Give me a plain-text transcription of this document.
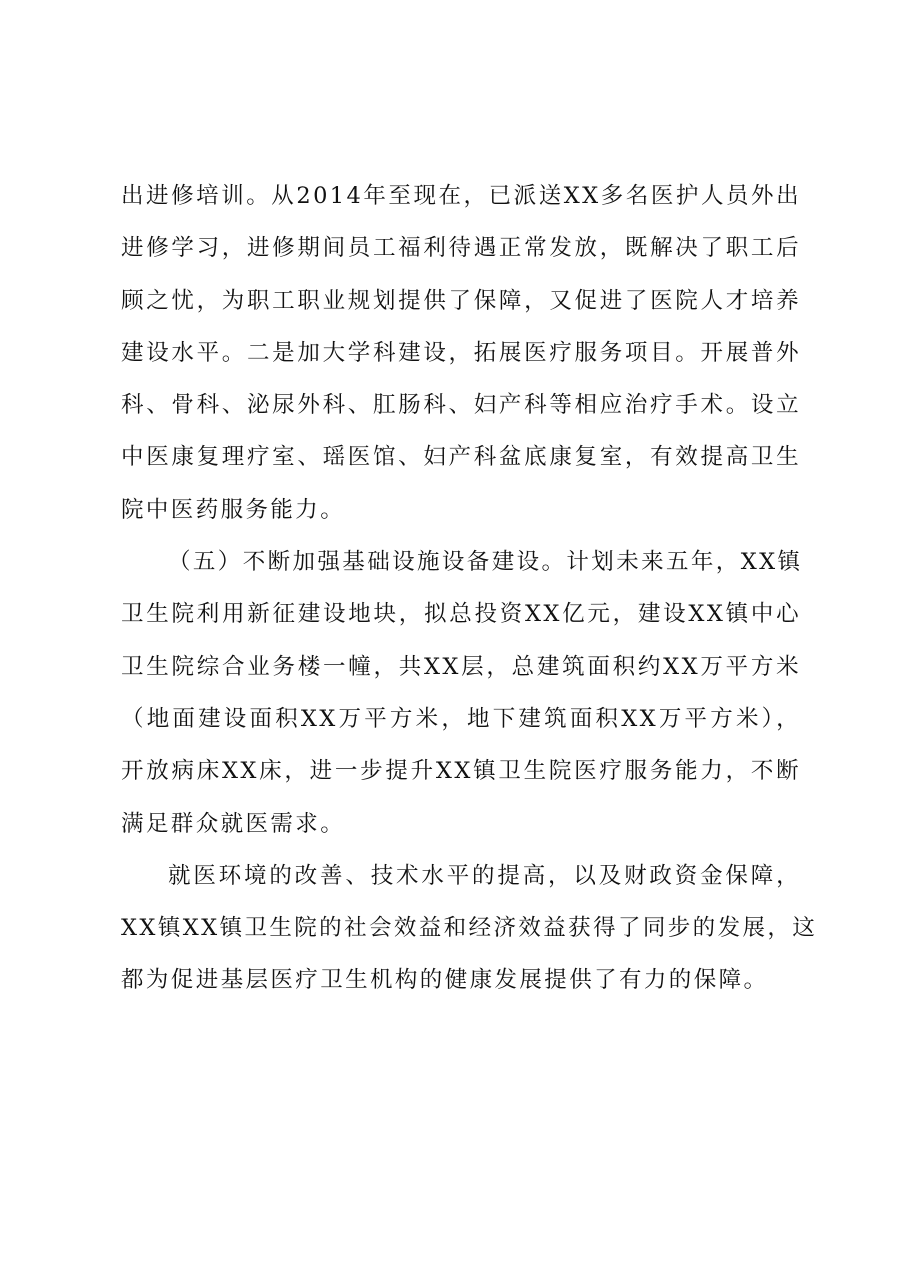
出进修培训。从2014年至现在，已派送XX多名医护人员外出
进修学习，进修期间员工福利待遇正常发放，既解决了职工后
顾之忧，为职工职业规划提供了保障，又促进了医院人才培养
建设水平。二是加大学科建设，拓展医疗服务项目。开展普外
科、骨科、泌尿外科、肛肠科、妇产科等相应治疗手术。设立
中医康复理疗室、瑶医馆、妇产科盆底康复室，有效提高卫生
院中医药服务能力。
（五）不断加强基础设施设备建设。计划未来五年，XX镇
卫生院利用新征建设地块，拟总投资XX亿元，建设XX镇中心
卫生院综合业务楼一幢，共XX层，总建筑面积约XX万平方米
（地面建设面积XX万平方米，地下建筑面积XX万平方米），
开放病床XX床，进一步提升XX镇卫生院医疗服务能力，不断
满足群众就医需求。
就医环境的改善、技术水平的提高，以及财政资金保障，
XX镇XX镇卫生院的社会效益和经济效益获得了同步的发展，这
都为促进基层医疗卫生机构的健康发展提供了有力的保障。
